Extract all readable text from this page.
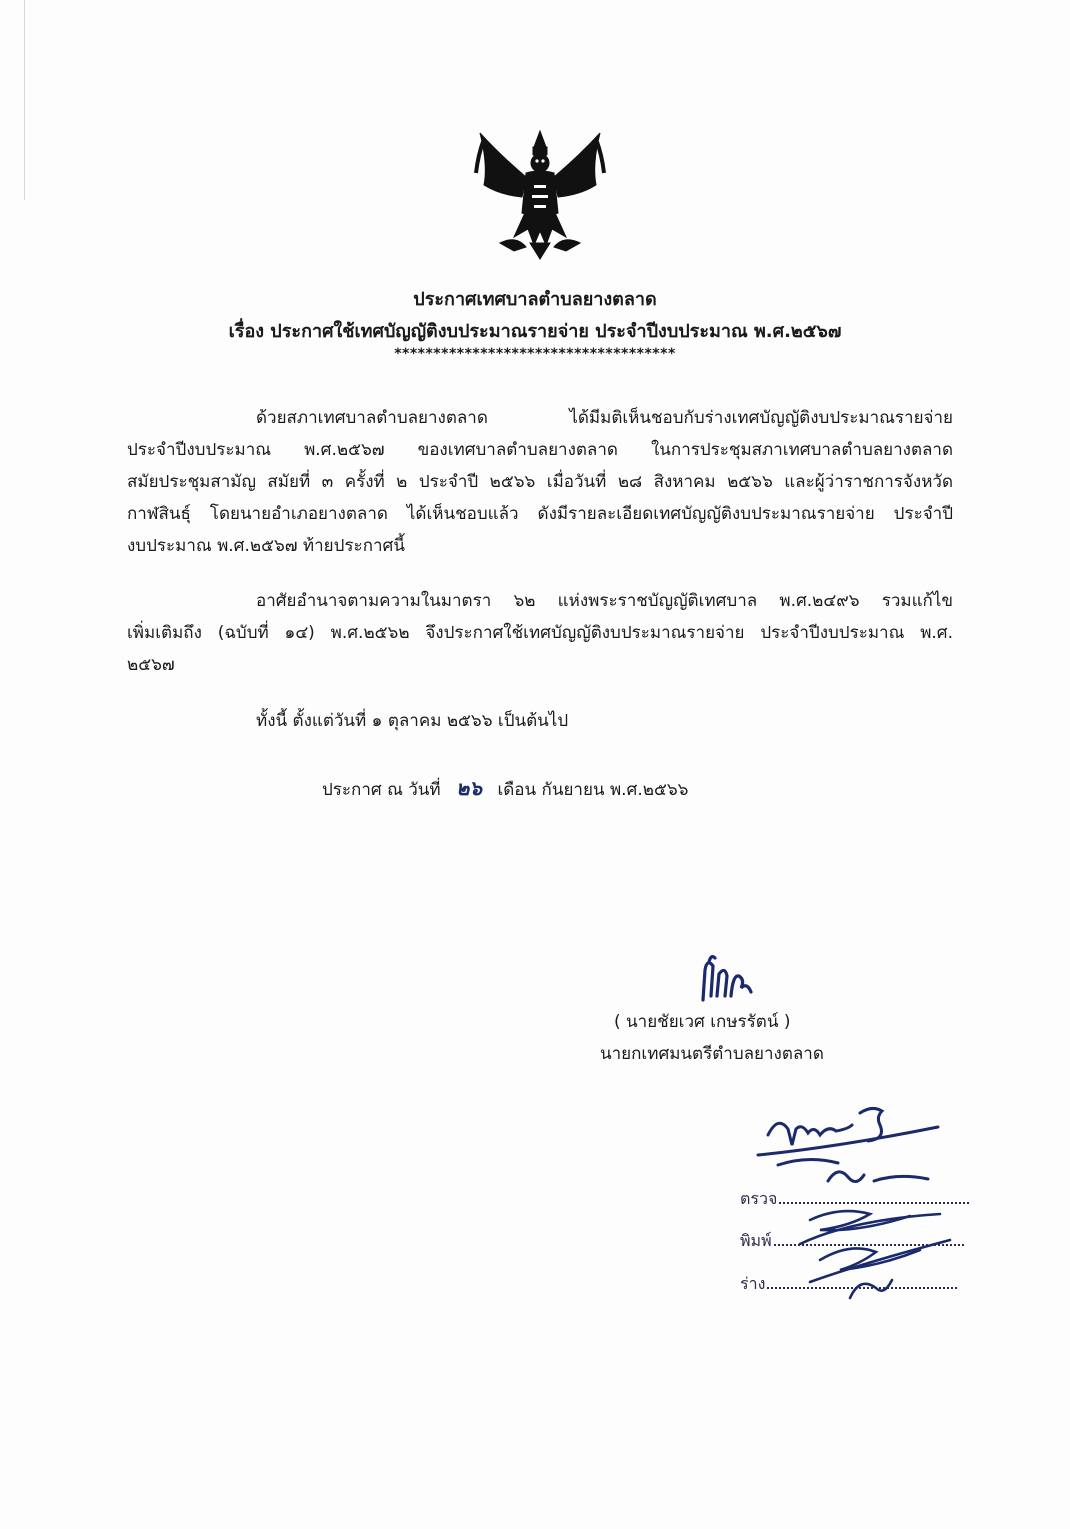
ประกาศเทศบาลตำบลยางตลาด
เรื่อง ประกาศใช้เทศบัญญัติงบประมาณรายจ่าย ประจำปีงบประมาณ พ.ศ.๒๕๖๗
************************************
ด้วยสภาเทศบาลตำบลยางตลาด ได้มีมติเห็นชอบกับร่างเทศบัญญัติงบประมาณรายจ่าย
ประจำปีงบประมาณ พ.ศ.๒๕๖๗ ของเทศบาลตำบลยางตลาด ในการประชุมสภาเทศบาลตำบลยางตลาด
สมัยประชุมสามัญ สมัยที่ ๓ ครั้งที่ ๒ ประจำปี ๒๕๖๖ เมื่อวันที่ ๒๘ สิงหาคม ๒๕๖๖ และผู้ว่าราชการจังหวัด
กาฬสินธุ์ โดยนายอำเภอยางตลาด ได้เห็นชอบแล้ว ดังมีรายละเอียดเทศบัญญัติงบประมาณรายจ่าย ประจำปี
งบประมาณ พ.ศ.๒๕๖๗ ท้ายประกาศนี้
อาศัยอำนาจตามความในมาตรา ๖๒ แห่งพระราชบัญญัติเทศบาล พ.ศ.๒๔๙๖ รวมแก้ไข
เพิ่มเติมถึง (ฉบับที่ ๑๔) พ.ศ.๒๕๖๒ จึงประกาศใช้เทศบัญญัติงบประมาณรายจ่าย ประจำปีงบประมาณ พ.ศ.
๒๕๖๗
ทั้งนี้ ตั้งแต่วันที่ ๑ ตุลาคม ๒๕๖๖ เป็นต้นไป
ประกาศ ณ วันที่ ๒๖ เดือน กันยายน พ.ศ.๒๕๖๖
( นายชัยเวศ เกษรรัตน์ )
นายกเทศมนตรีตำบลยางตลาด
ตรวจ
พิมพ์
ร่าง
